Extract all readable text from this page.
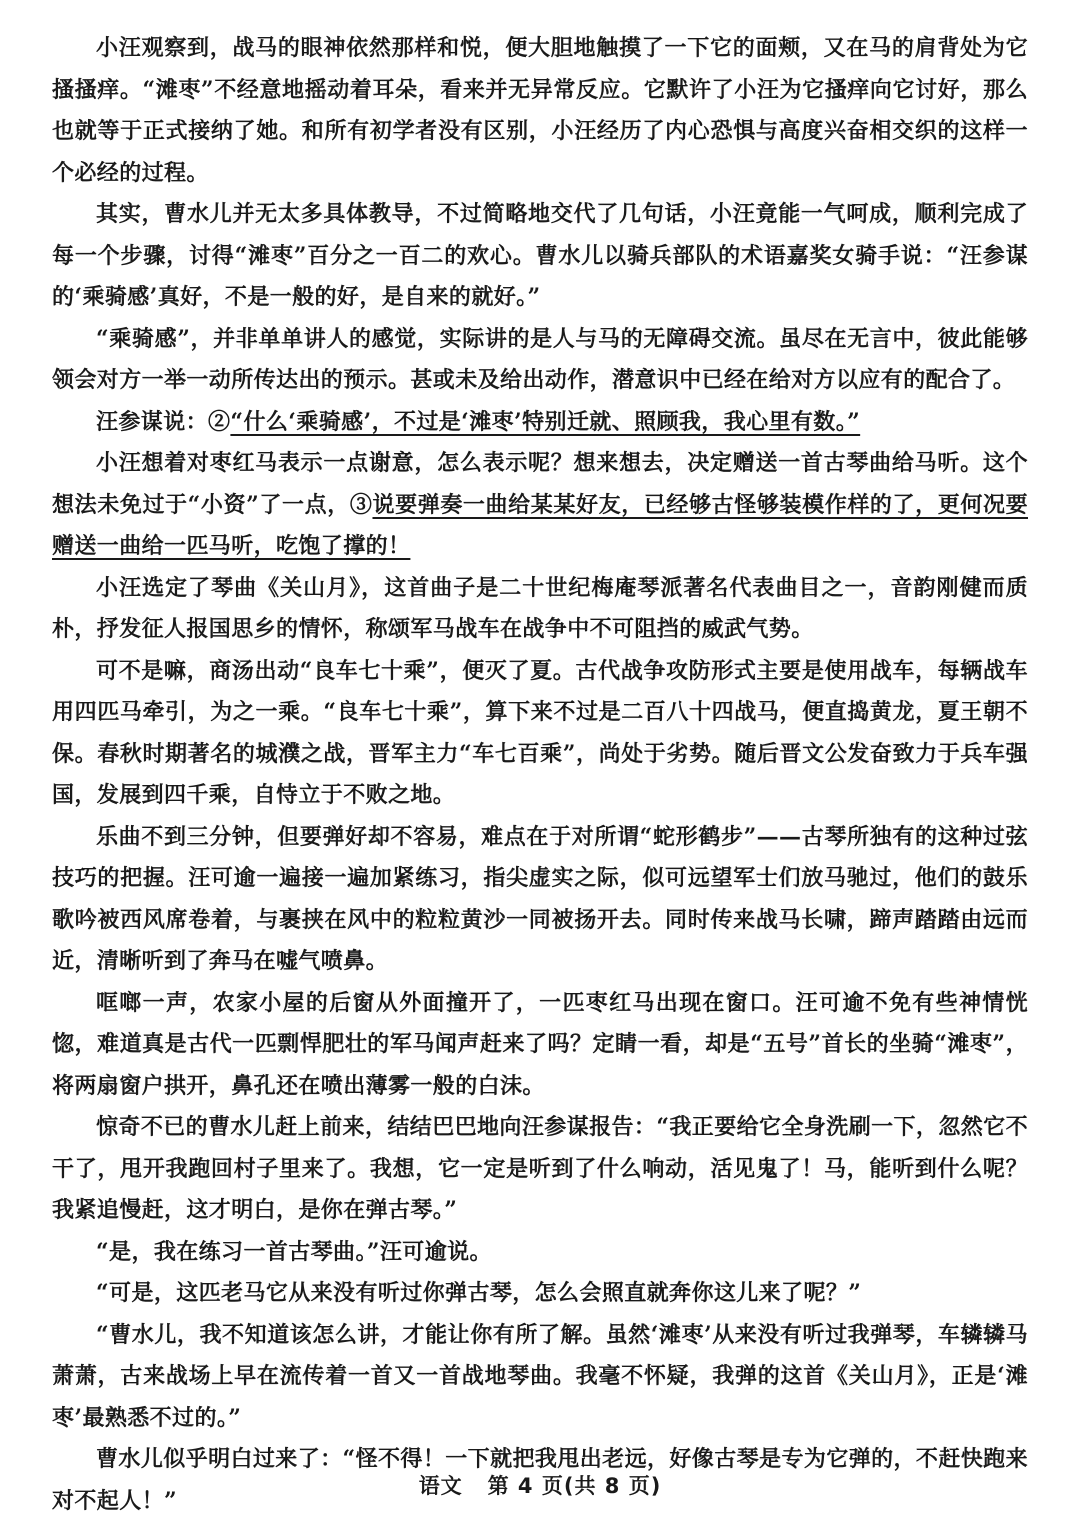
小汪观察到，战马的眼神依然那样和悦，便大胆地触摸了一下它的面颊，又在马的肩背处为它搔搔痒。“滩枣”不经意地摇动着耳朵，看来并无异常反应。它默许了小汪为它搔痒向它讨好，那么也就等于正式接纳了她。和所有初学者没有区别，小汪经历了内心恐惧与高度兴奋相交织的这样一个必经的过程。

其实，曹水儿并无太多具体教导，不过简略地交代了几句话，小汪竟能一气呵成，顺利完成了每一个步骤，讨得“滩枣”百分之一百二的欢心。曹水儿以骑兵部队的术语嘉奖女骑手说：“汪参谋的‘乘骑感’真好，不是一般的好，是自来的就好。”

“乘骑感”，并非单单讲人的感觉，实际讲的是人与马的无障碍交流。虽尽在无言中，彼此能够领会对方一举一动所传达出的预示。甚或未及给出动作，潜意识中已经在给对方以应有的配合了。

汪参谋说：②“什么‘乘骑感’，不过是‘滩枣’特别迁就、照顾我，我心里有数。”

小汪想着对枣红马表示一点谢意，怎么表示呢？想来想去，决定赠送一首古琴曲给马听。这个想法未免过于“小资”了一点，③说要弹奏一曲给某某好友，已经够古怪够装模作样的了，更何况要赠送一曲给一匹马听，吃饱了撑的！

小汪选定了琴曲《关山月》，这首曲子是二十世纪梅庵琴派著名代表曲目之一，音韵刚健而质朴，抒发征人报国思乡的情怀，称颂军马战车在战争中不可阻挡的威武气势。

可不是嘛，商汤出动“良车七十乘”，便灭了夏。古代战争攻防形式主要是使用战车，每辆战车用四匹马牵引，为之一乘。“良车七十乘”，算下来不过是二百八十四战马，便直捣黄龙，夏王朝不保。春秋时期著名的城濮之战，晋军主力“车七百乘”，尚处于劣势。随后晋文公发奋致力于兵车强国，发展到四千乘，自恃立于不败之地。

乐曲不到三分钟，但要弹好却不容易，难点在于对所谓“蛇形鹤步”——古琴所独有的这种过弦技巧的把握。汪可逾一遍接一遍加紧练习，指尖虚实之际，似可远望军士们放马驰过，他们的鼓乐歌吟被西风席卷着，与裹挟在风中的粒粒黄沙一同被扬开去。同时传来战马长啸，蹄声踏踏由远而近，清晰听到了奔马在嘘气喷鼻。

哐啷一声，农家小屋的后窗从外面撞开了，一匹枣红马出现在窗口。汪可逾不免有些神情恍惚，难道真是古代一匹剽悍肥壮的军马闻声赶来了吗？定睛一看，却是“五号”首长的坐骑“滩枣”，将两扇窗户拱开，鼻孔还在喷出薄雾一般的白沫。

惊奇不已的曹水儿赶上前来，结结巴巴地向汪参谋报告：“我正要给它全身洗刷一下，忽然它不干了，甩开我跑回村子里来了。我想，它一定是听到了什么响动，活见鬼了！马，能听到什么呢？我紧追慢赶，这才明白，是你在弹古琴。”

“是，我在练习一首古琴曲。”汪可逾说。

“可是，这匹老马它从来没有听过你弹古琴，怎么会照直就奔你这儿来了呢？”

“曹水儿，我不知道该怎么讲，才能让你有所了解。虽然‘滩枣’从来没有听过我弹琴，车辚辚马萧萧，古来战场上早在流传着一首又一首战地琴曲。我毫不怀疑，我弹的这首《关山月》，正是‘滩枣’最熟悉不过的。”

曹水儿似乎明白过来了：“怪不得！一下就把我甩出老远，好像古琴是专为它弹的，不赶快跑来对不起人！”

语文 第 4 页(共 8 页)
